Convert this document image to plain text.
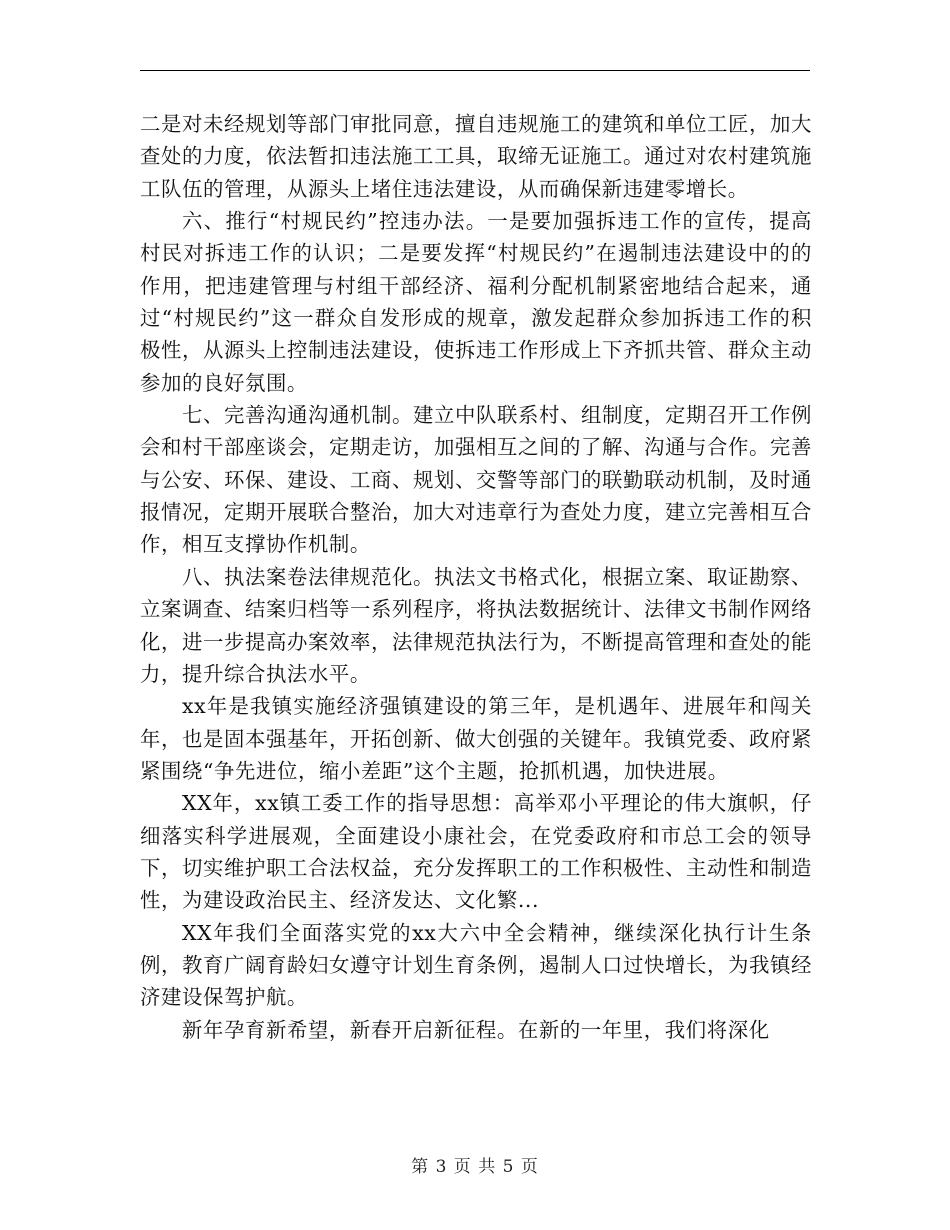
二是对未经规划等部门审批同意，擅自违规施工的建筑和单位工匠，加大查处的力度，依法暂扣违法施工工具，取缔无证施工。通过对农村建筑施工队伍的管理，从源头上堵住违法建设，从而确保新违建零增长。

六、推行“村规民约”控违办法。一是要加强拆违工作的宣传，提高村民对拆违工作的认识；二是要发挥“村规民约”在遏制违法建设中的的作用，把违建管理与村组干部经济、福利分配机制紧密地结合起来，通过“村规民约”这一群众自发形成的规章，激发起群众参加拆违工作的积极性，从源头上控制违法建设，使拆违工作形成上下齐抓共管、群众主动参加的良好氛围。

七、完善沟通沟通机制。建立中队联系村、组制度，定期召开工作例会和村干部座谈会，定期走访，加强相互之间的了解、沟通与合作。完善与公安、环保、建设、工商、规划、交警等部门的联勤联动机制，及时通报情况，定期开展联合整治，加大对违章行为查处力度，建立完善相互合作，相互支撑协作机制。

八、执法案卷法律规范化。执法文书格式化，根据立案、取证勘察、立案调查、结案归档等一系列程序，将执法数据统计、法律文书制作网络化，进一步提高办案效率，法律规范执法行为，不断提高管理和查处的能力，提升综合执法水平。

xx年是我镇实施经济强镇建设的第三年，是机遇年、进展年和闯关年，也是固本强基年，开拓创新、做大创强的关键年。我镇党委、政府紧紧围绕“争先进位，缩小差距”这个主题，抢抓机遇，加快进展。

XX年，xx镇工委工作的指导思想：高举邓小平理论的伟大旗帜，仔细落实科学进展观，全面建设小康社会，在党委政府和市总工会的领导下，切实维护职工合法权益，充分发挥职工的工作积极性、主动性和制造性，为建设政治民主、经济发达、文化繁...

XX年我们全面落实党的xx大六中全会精神，继续深化执行计生条例，教育广阔育龄妇女遵守计划生育条例，遏制人口过快增长，为我镇经济建设保驾护航。

新年孕育新希望，新春开启新征程。在新的一年里，我们将深化

第 3 页 共 5 页
